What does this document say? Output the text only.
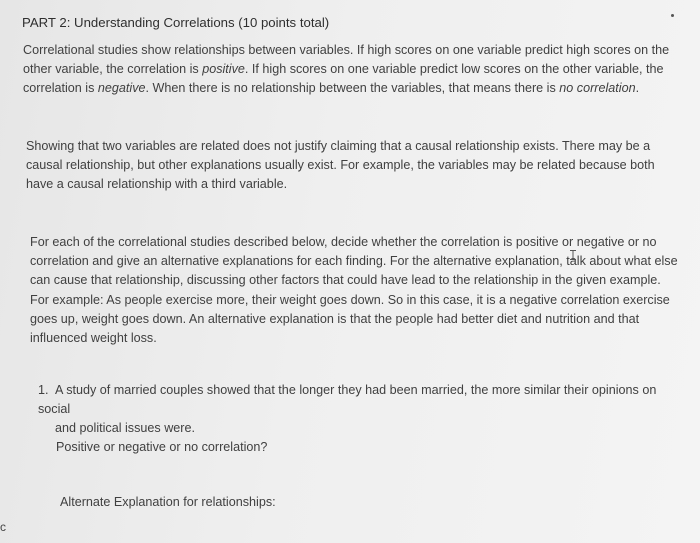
PART 2: Understanding Correlations (10 points total)
Correlational studies show relationships between variables. If high scores on one variable predict high scores on the other variable, the correlation is positive. If high scores on one variable predict low scores on the other variable, the correlation is negative. When there is no relationship between the variables, that means there is no correlation.
Showing that two variables are related does not justify claiming that a causal relationship exists. There may be a causal relationship, but other explanations usually exist. For example, the variables may be related because both have a causal relationship with a third variable.
For each of the correlational studies described below, decide whether the correlation is positive or negative or no correlation and give an alternative explanations for each finding. For the alternative explanation, talk about what else can cause that relationship, discussing other factors that could have lead to the relationship in the given example. For example: As people exercise more, their weight goes down. So in this case, it is a negative correlation exercise goes up, weight goes down. An alternative explanation is that the people had better diet and nutrition and that influenced weight loss.
1. A study of married couples showed that the longer they had been married, the more similar their opinions on social
and political issues were.
Positive or negative or no correlation?
Alternate Explanation for relationships:
c
